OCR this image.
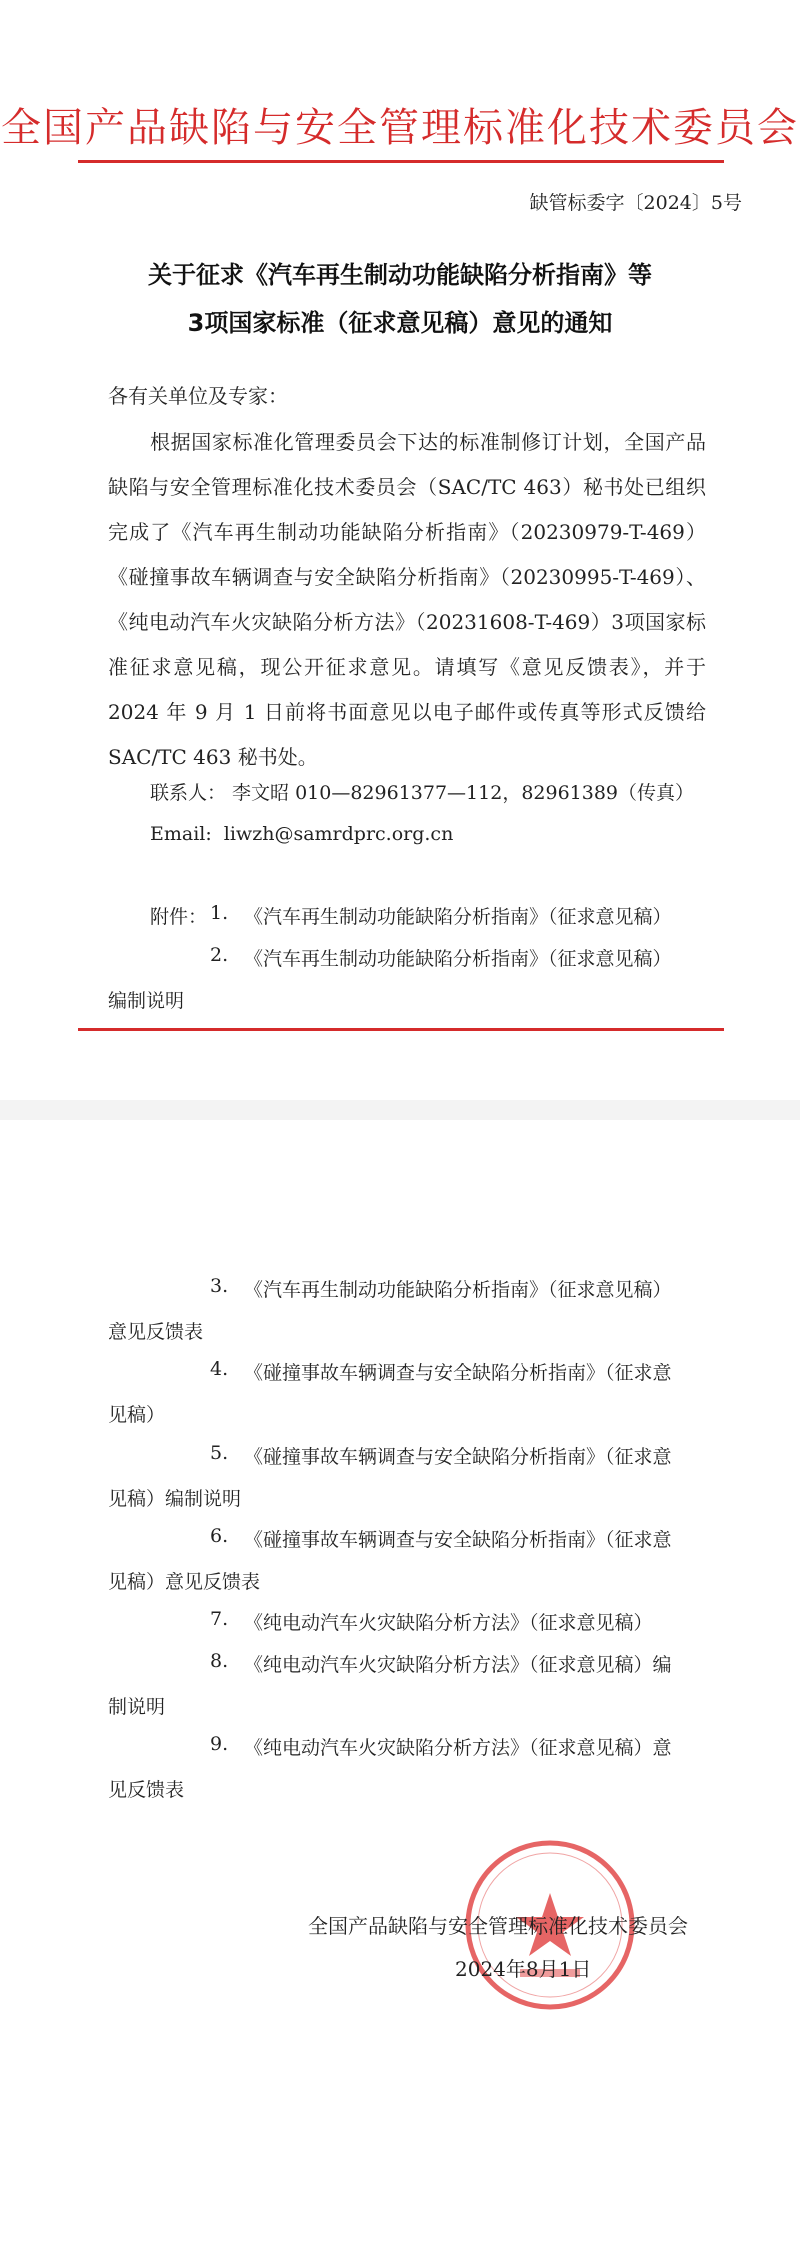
全国产品缺陷与安全管理标准化技术委员会
缺管标委字〔2024〕5号
关于征求《汽车再生制动功能缺陷分析指南》等
3项国家标准（征求意见稿）意见的通知
各有关单位及专家：
根据国家标准化管理委员会下达的标准制修订计划，全国产品缺陷与安全管理标准化技术委员会（SAC/TC 463）秘书处已组织完成了《汽车再生制动功能缺陷分析指南》（20230979-T-469）《碰撞事故车辆调查与安全缺陷分析指南》（20230995-T-469）、《纯电动汽车火灾缺陷分析方法》（20231608-T-469）3项国家标准征求意见稿，现公开征求意见。请填写《意见反馈表》，并于 2024 年 9 月 1 日前将书面意见以电子邮件或传真等形式反馈给 SAC/TC 463 秘书处。
联系人： 李文昭 010—82961377—112，82961389（传真）
Email: liwzh@samrdprc.org.cn
附件： 1. 《汽车再生制动功能缺陷分析指南》（征求意见稿）
2. 《汽车再生制动功能缺陷分析指南》（征求意见稿）
编制说明
3. 《汽车再生制动功能缺陷分析指南》（征求意见稿）
意见反馈表
4. 《碰撞事故车辆调查与安全缺陷分析指南》（征求意
见稿）
5. 《碰撞事故车辆调查与安全缺陷分析指南》（征求意
见稿）编制说明
6. 《碰撞事故车辆调查与安全缺陷分析指南》（征求意
见稿）意见反馈表
7. 《纯电动汽车火灾缺陷分析方法》（征求意见稿）
8. 《纯电动汽车火灾缺陷分析方法》（征求意见稿）编
制说明
9. 《纯电动汽车火灾缺陷分析方法》（征求意见稿）意
见反馈表
全国产品缺陷与安全管理标准化技术委员会
2024年8月1日
